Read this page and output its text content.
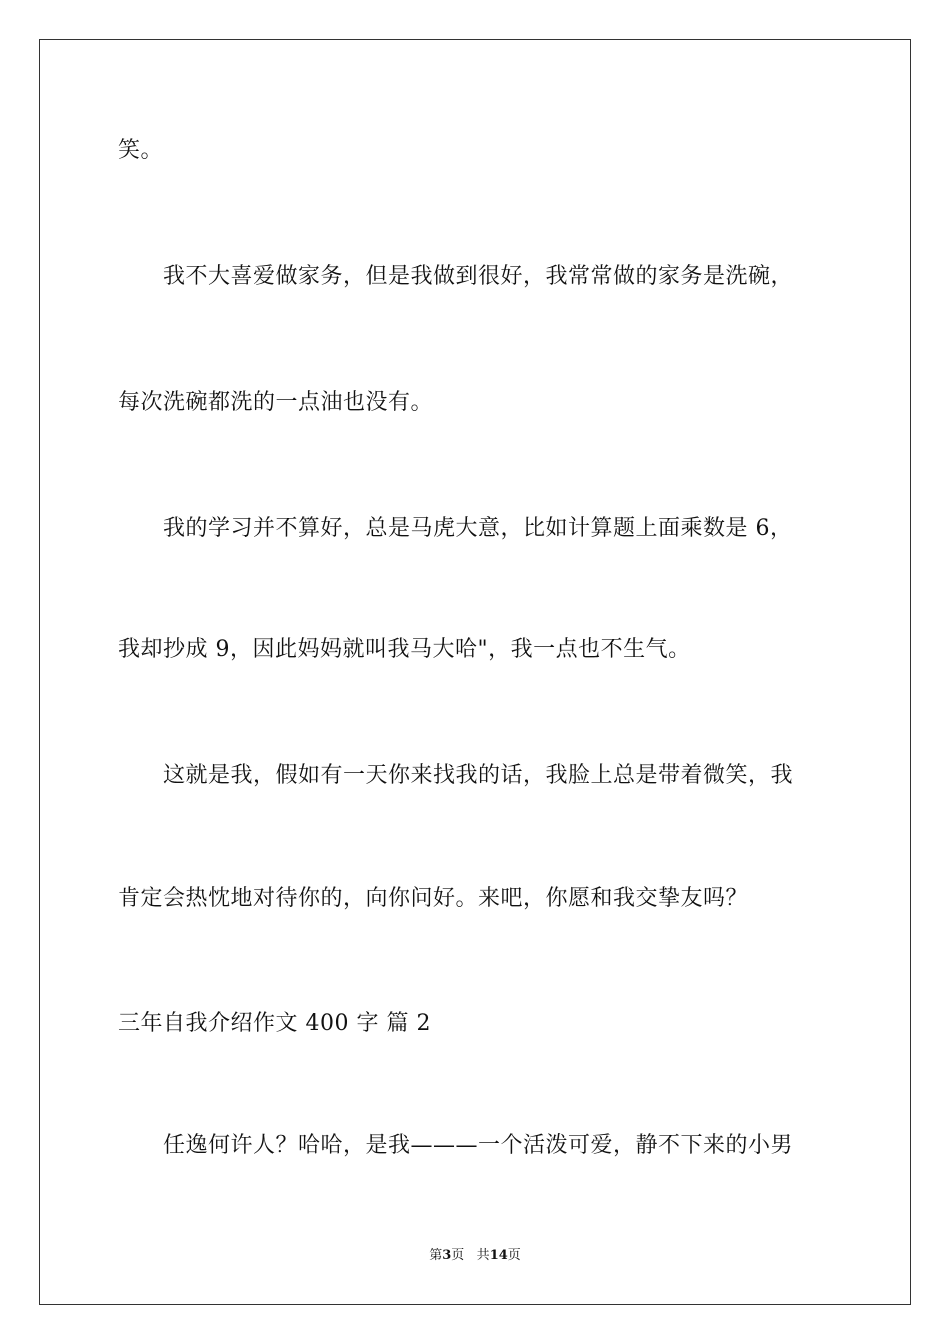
笑。
我不大喜爱做家务，但是我做到很好，我常常做的家务是洗碗，
每次洗碗都洗的一点油也没有。
我的学习并不算好，总是马虎大意，比如计算题上面乘数是 6，
我却抄成 9，因此妈妈就叫我马大哈"，我一点也不生气。
这就是我，假如有一天你来找我的话，我脸上总是带着微笑，我
肯定会热忱地对待你的，向你问好。来吧，你愿和我交挚友吗？
三年自我介绍作文 400 字 篇 2
任逸何许人？哈哈，是我———一个活泼可爱，静不下来的小男
第3页 共14页
